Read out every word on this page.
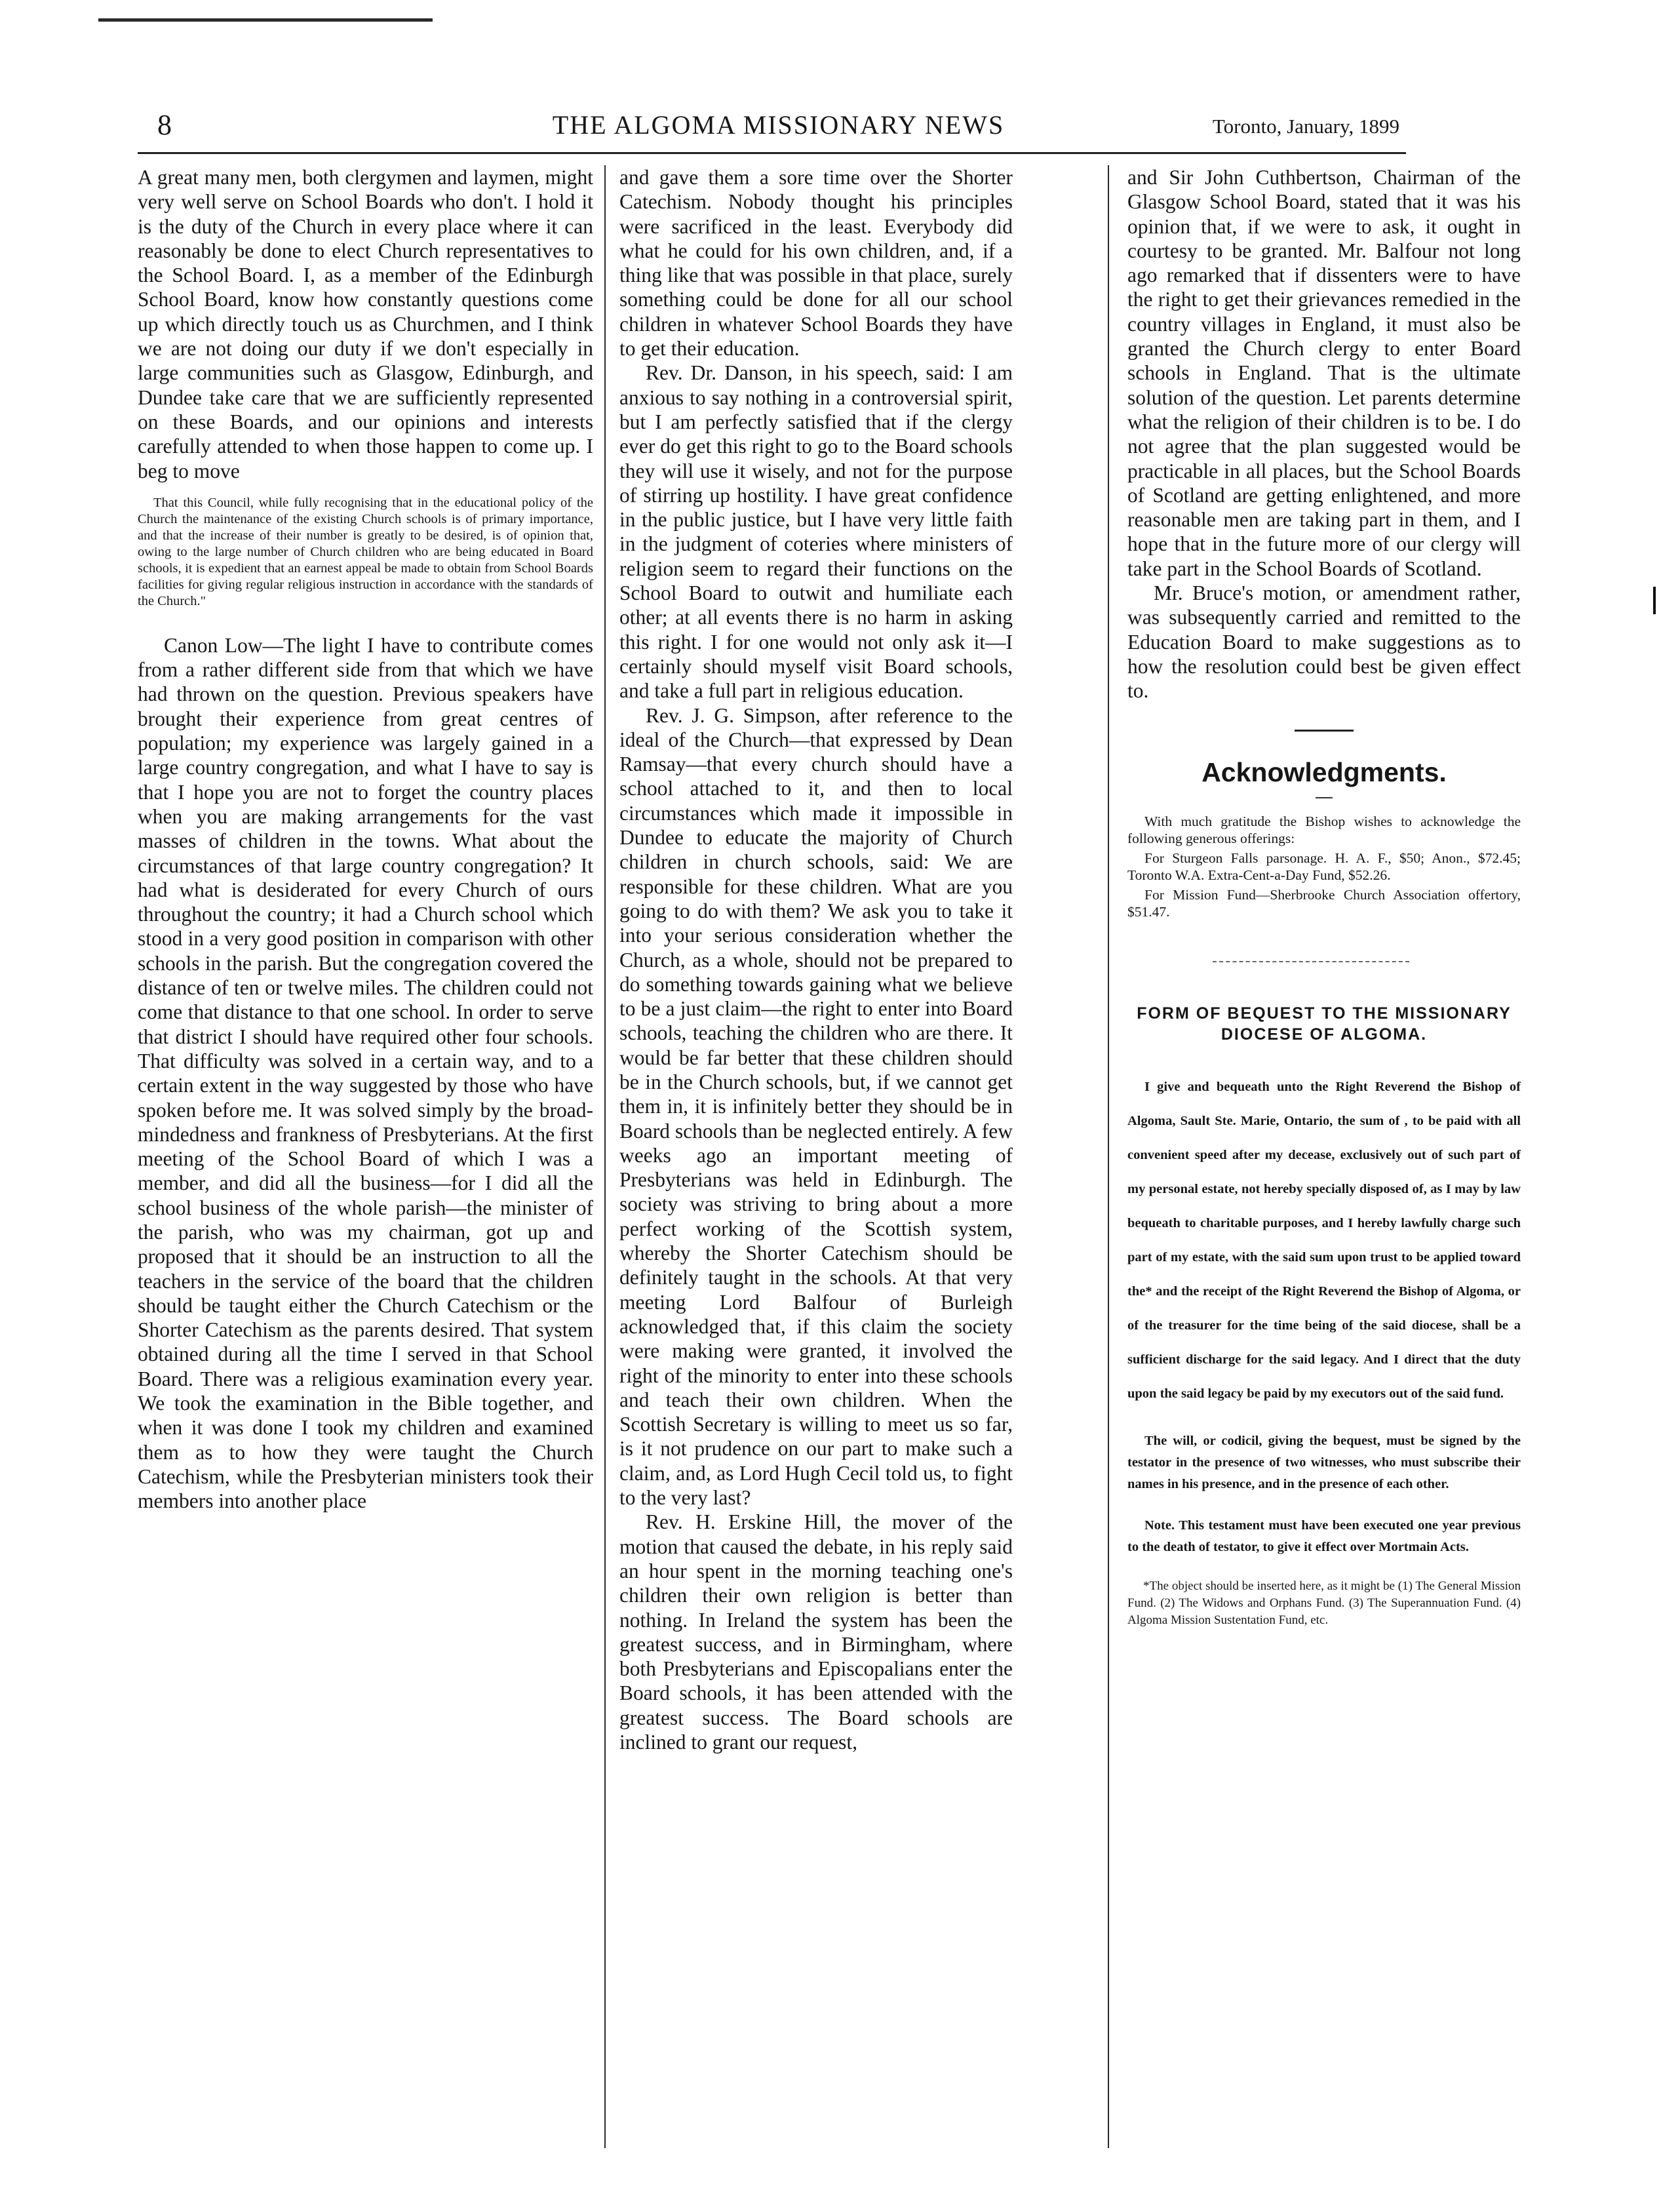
8	THE ALGOMA MISSIONARY NEWS	Toronto, January, 1899

A great many men, both clergymen and laymen, might very well serve on School Boards who don't. I hold it is the duty of the Church in every place where it can reasonably be done to elect Church representatives to the School Board. I, as a member of the Edinburgh School Board, know how constantly questions come up which directly touch us as Churchmen, and I think we are not doing our duty if we don't especially in large communities such as Glasgow, Edinburgh, and Dundee take care that we are sufficiently represented on these Boards, and our opinions and interests carefully attended to when those happen to come up. I beg to move

That this Council, while fully recognising that in the educational policy of the Church the maintenance of the existing Church schools is of primary importance, and that the increase of their number is greatly to be desired, is of opinion that, owing to the large number of Church children who are being educated in Board schools, it is expedient that an earnest appeal be made to obtain from School Boards facilities for giving regular religious instruction in accordance with the standards of the Church."

Canon Low—The light I have to contribute comes from a rather different side from that which we have had thrown on the question. Previous speakers have brought their experience from great centres of population; my experience was largely gained in a large country congregation, and what I have to say is that I hope you are not to forget the country places when you are making arrangements for the vast masses of children in the towns. What about the circumstances of that large country congregation? It had what is desiderated for every Church of ours throughout the country; it had a Church school which stood in a very good position in comparison with other schools in the parish. But the congregation covered the distance of ten or twelve miles. The children could not come that distance to that one school. In order to serve that district I should have required other four schools. That difficulty was solved in a certain way, and to a certain extent in the way suggested by those who have spoken before me. It was solved simply by the broad-mindedness and frankness of Presbyterians. At the first meeting of the School Board of which I was a member, and did all the business—for I did all the school business of the whole parish—the minister of the parish, who was my chairman, got up and proposed that it should be an instruction to all the teachers in the service of the board that the children should be taught either the Church Catechism or the Shorter Catechism as the parents desired. That system obtained during all the time I served in that School Board. There was a religious examination every year. We took the examination in the Bible together, and when it was done I took my children and examined them as to how they were taught the Church Catechism, while the Presbyterian ministers took their members into another place

and gave them a sore time over the Shorter Catechism. Nobody thought his principles were sacrificed in the least. Everybody did what he could for his own children, and, if a thing like that was possible in that place, surely something could be done for all our school children in whatever School Boards they have to get their education.

Rev. Dr. Danson, in his speech, said: I am anxious to say nothing in a controversial spirit, but I am perfectly satisfied that if the clergy ever do get this right to go to the Board schools they will use it wisely, and not for the purpose of stirring up hostility. I have great confidence in the public justice, but I have very little faith in the judgment of coteries where ministers of religion seem to regard their functions on the School Board to outwit and humiliate each other; at all events there is no harm in asking this right. I for one would not only ask it—I certainly should myself visit Board schools, and take a full part in religious education.

Rev. J. G. Simpson, after reference to the ideal of the Church—that expressed by Dean Ramsay—that every church should have a school attached to it, and then to local circumstances which made it impossible in Dundee to educate the majority of Church children in church schools, said: We are responsible for these children. What are you going to do with them? We ask you to take it into your serious consideration whether the Church, as a whole, should not be prepared to do something towards gaining what we believe to be a just claim—the right to enter into Board schools, teaching the children who are there. It would be far better that these children should be in the Church schools, but, if we cannot get them in, it is infinitely better they should be in Board schools than be neglected entirely. A few weeks ago an important meeting of Presbyterians was held in Edinburgh. The society was striving to bring about a more perfect working of the Scottish system, whereby the Shorter Catechism should be definitely taught in the schools. At that very meeting Lord Balfour of Burleigh acknowledged that, if this claim the society were making were granted, it involved the right of the minority to enter into these schools and teach their own children. When the Scottish Secretary is willing to meet us so far, is it not prudence on our part to make such a claim, and, as Lord Hugh Cecil told us, to fight to the very last?

Rev. H. Erskine Hill, the mover of the motion that caused the debate, in his reply said an hour spent in the morning teaching one's children their own religion is better than nothing. In Ireland the system has been the greatest success, and in Birmingham, where both Presbyterians and Episcopalians enter the Board schools, it has been attended with the greatest success. The Board schools are inclined to grant our request,

and Sir John Cuthbertson, Chairman of the Glasgow School Board, stated that it was his opinion that, if we were to ask, it ought in courtesy to be granted. Mr. Balfour not long ago remarked that if dissenters were to have the right to get their grievances remedied in the country villages in England, it must also be granted the Church clergy to enter Board schools in England. That is the ultimate solution of the question. Let parents determine what the religion of their children is to be. I do not agree that the plan suggested would be practicable in all places, but the School Boards of Scotland are getting enlightened, and more reasonable men are taking part in them, and I hope that in the future more of our clergy will take part in the School Boards of Scotland.

Mr. Bruce's motion, or amendment rather, was subsequently carried and remitted to the Education Board to make suggestions as to how the resolution could best be given effect to.

Acknowledgments.

With much gratitude the Bishop wishes to acknowledge the following generous offerings:

For Sturgeon Falls parsonage. H. A. F., $50; Anon., $72.45; Toronto W.A. Extra-Cent-a-Day Fund, $52.26.

For Mission Fund—Sherbrooke Church Association offertory, $51.47.

FORM OF BEQUEST TO THE MISSIONARY DIOCESE OF ALGOMA.

I give and bequeath unto the Right Reverend the Bishop of Algoma, Sault Ste. Marie, Ontario, the sum of , to be paid with all convenient speed after my decease, exclusively out of such part of my personal estate, not hereby specially disposed of, as I may by law bequeath to charitable purposes, and I hereby lawfully charge such part of my estate, with the said sum upon trust to be applied toward the* and the receipt of the Right Reverend the Bishop of Algoma, or of the treasurer for the time being of the said diocese, shall be a sufficient discharge for the said legacy. And I direct that the duty upon the said legacy be paid by my executors out of the said fund.

The will, or codicil, giving the bequest, must be signed by the testator in the presence of two witnesses, who must subscribe their names in his presence, and in the presence of each other.

Note. This testament must have been executed one year previous to the death of testator, to give it effect over Mortmain Acts.

*The object should be inserted here, as it might be (1) The General Mission Fund. (2) The Widows and Orphans Fund. (3) The Superannuation Fund. (4) Algoma Mission Sustentation Fund, etc.
